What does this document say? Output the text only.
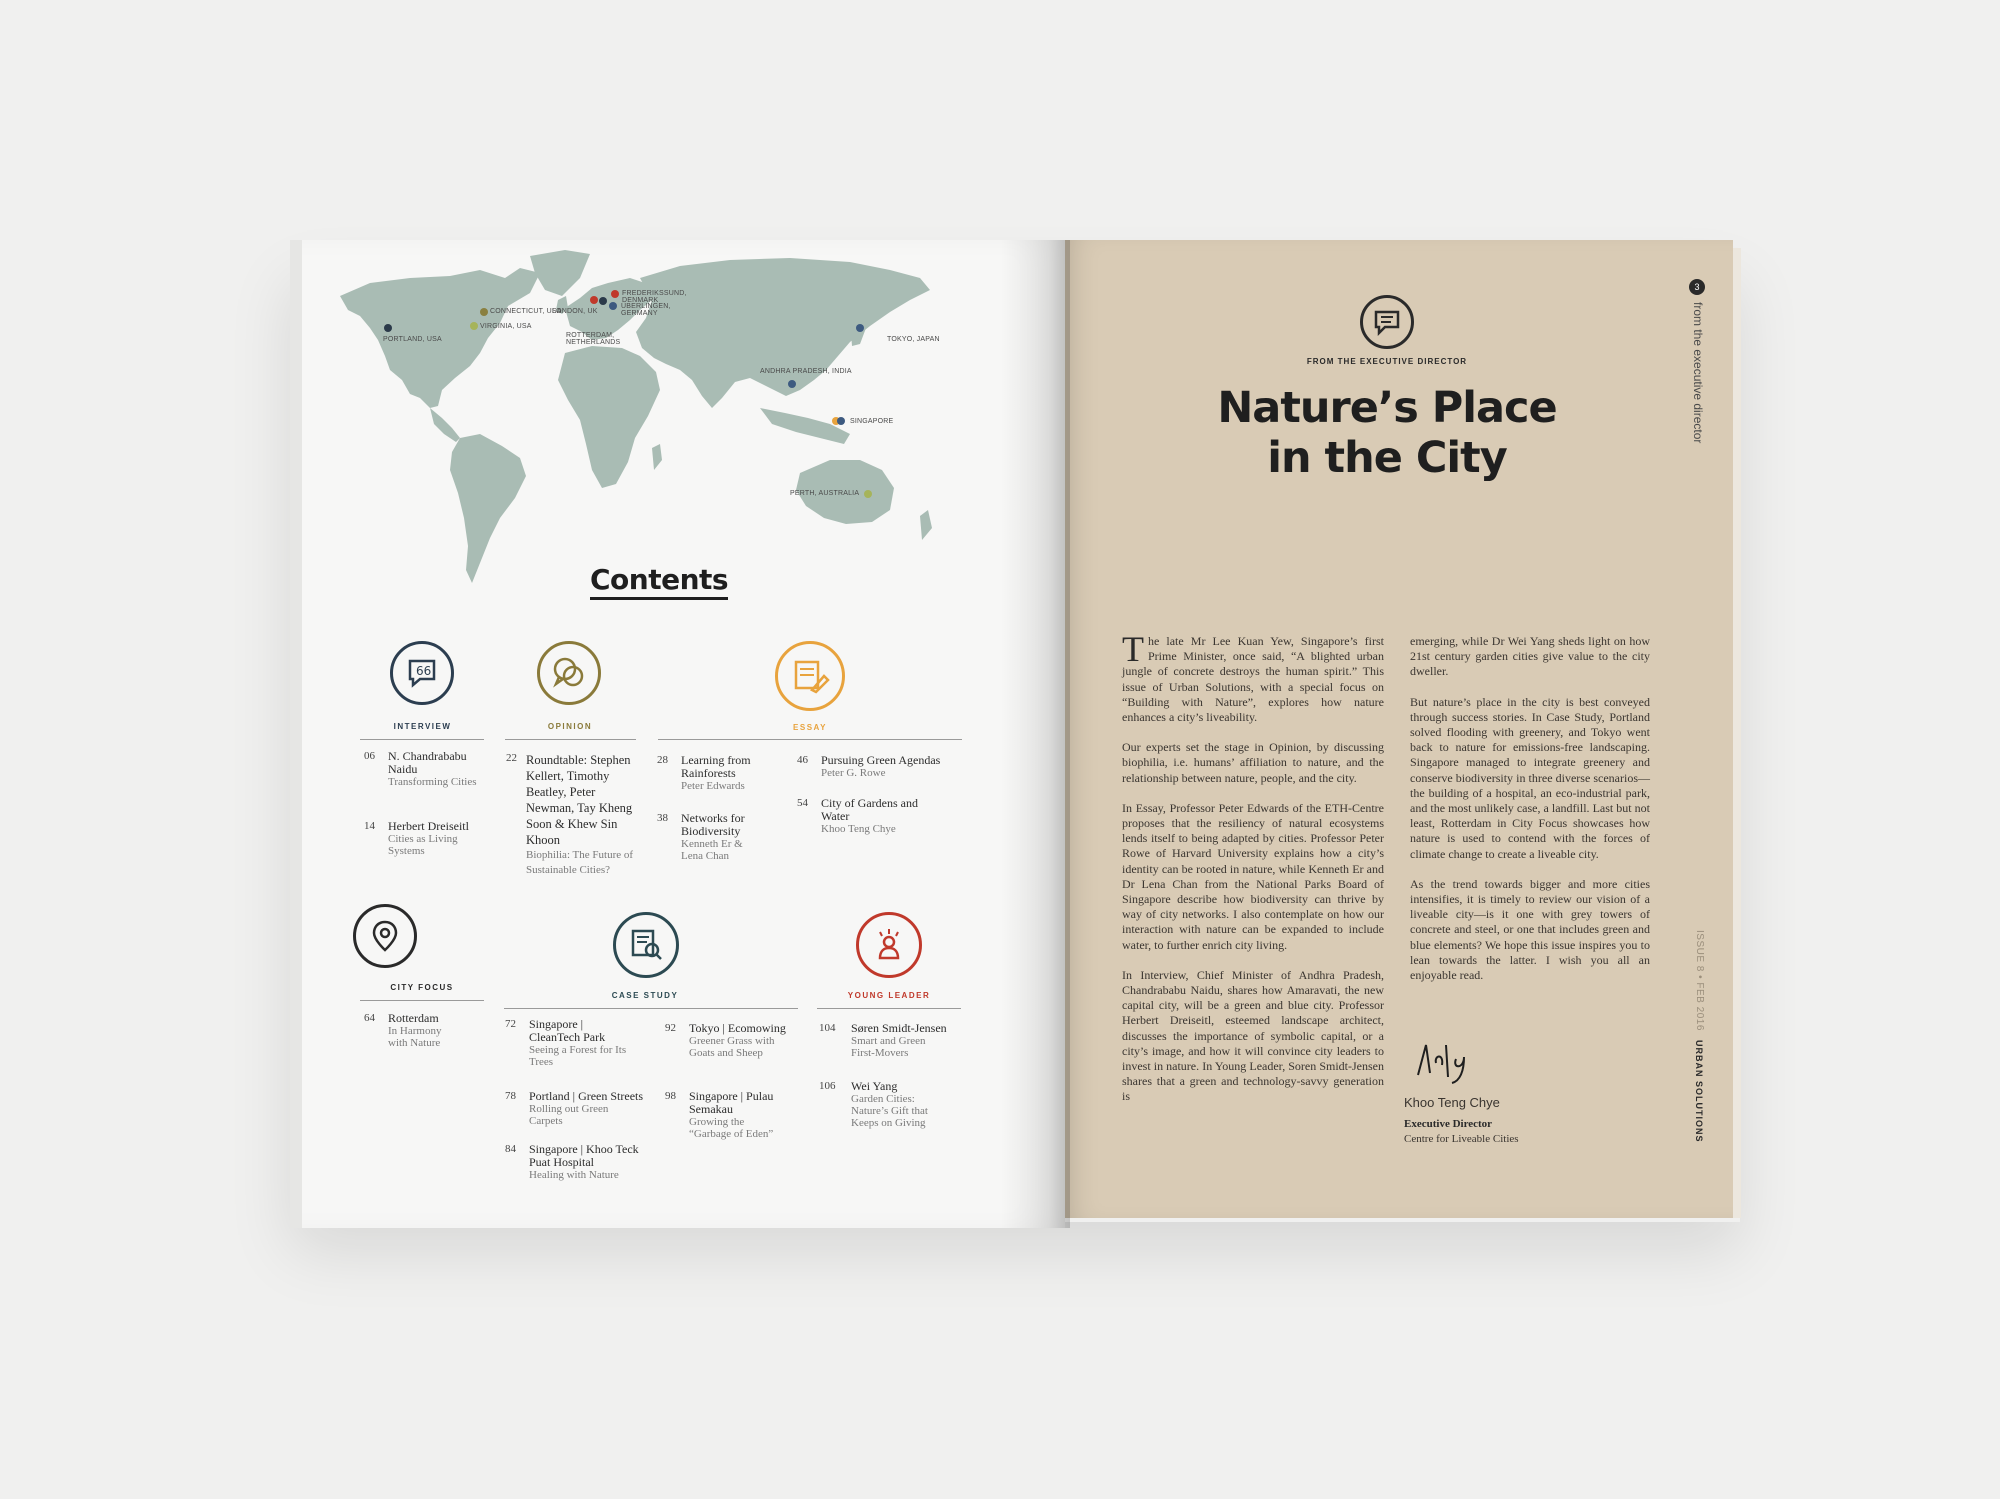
PORTLAND, USA
CONNECTICUT, USA
VIRGINIA, USA
ROTTERDAM, NETHERLANDS
LONDON, UK
FREDERIKSSUND, DENMARK
ÜBERLINGEN, GERMANY
TOKYO, JAPAN
ANDHRA PRADESH, INDIA
SINGAPORE
PERTH, AUSTRALIA
Contents
66
INTERVIEW	OPINION	ESSAY
06 N. Chandrababu Naidu
Transforming Cities
14 Herbert Dreiseitl
Cities as Living Systems
22 Roundtable: Stephen Kellert, Timothy Beatley, Peter Newman, Tay Kheng Soon & Khew Sin Khoon
Biophilia: The Future of Sustainable Cities?
28 Learning from Rainforests
Peter Edwards
38 Networks for Biodiversity
Kenneth Er & Lena Chan
46 Pursuing Green Agendas
Peter G. Rowe
54 City of Gardens and Water
Khoo Teng Chye
CITY FOCUS
CASE STUDY	YOUNG LEADER
64 Rotterdam
In Harmony with Nature
72 Singapore | CleanTech Park
Seeing a Forest for Its Trees
78 Portland | Green Streets
Rolling out Green Carpets
84 Singapore | Khoo Teck Puat Hospital
Healing with Nature
92 Tokyo | Ecomowing
Greener Grass with Goats and Sheep
98 Singapore | Pulau Semakau
Growing the “Garbage of Eden”
104 Søren Smidt-Jensen
Smart and Green First-Movers
106 Wei Yang
Garden Cities: Nature’s Gift that Keeps on Giving
3
from the executive director
ISSUE 8 • FEB 2016
URBAN SOLUTIONS
FROM THE EXECUTIVE DIRECTOR
Nature’s Place
in the City

The late Mr Lee Kuan Yew, Singapore’s first Prime Minister, once said, “A blighted urban jungle of concrete destroys the human spirit.” This issue of Urban Solutions, with a special focus on “Building with Nature”, explores how nature enhances a city’s liveability.

Our experts set the stage in Opinion, by discussing biophilia, i.e. humans’ affiliation to nature, and the relationship between nature, people, and the city.

In Essay, Professor Peter Edwards of the ETH-Centre proposes that the resiliency of natural ecosystems lends itself to being adapted by cities. Professor Peter Rowe of Harvard University explains how a city’s identity can be rooted in nature, while Kenneth Er and Dr Lena Chan from the National Parks Board of Singapore describe how biodiversity can thrive by way of city networks. I also contemplate on how our interaction with nature can be expanded to include water, to further enrich city living.

In Interview, Chief Minister of Andhra Pradesh, Chandrababu Naidu, shares how Amaravati, the new capital city, will be a green and blue city. Professor Herbert Dreiseitl, esteemed landscape architect, discusses the importance of symbolic capital, or a city’s image, and how it will convince city leaders to invest in nature. In Young Leader, Soren Smidt-Jensen shares that a green and technology-savvy generation is

emerging, while Dr Wei Yang sheds light on how 21st century garden cities give value to the city dweller.

But nature’s place in the city is best conveyed through success stories. In Case Study, Portland solved flooding with greenery, and Tokyo went back to nature for emissions-free landscaping. Singapore managed to integrate greenery and conserve biodiversity in three diverse scenarios—the building of a hospital, an eco-industrial park, and the most unlikely case, a landfill. Last but not least, Rotterdam in City Focus showcases how nature is used to contend with the forces of climate change to create a liveable city.

As the trend towards bigger and more cities intensifies, it is timely to review our vision of a liveable city—is it one with grey towers of concrete and steel, or one that includes green and blue elements? We hope this issue inspires you to lean towards the latter. I wish you all an enjoyable read.

Khoo Teng Chye
Executive Director
Centre for Liveable Cities
